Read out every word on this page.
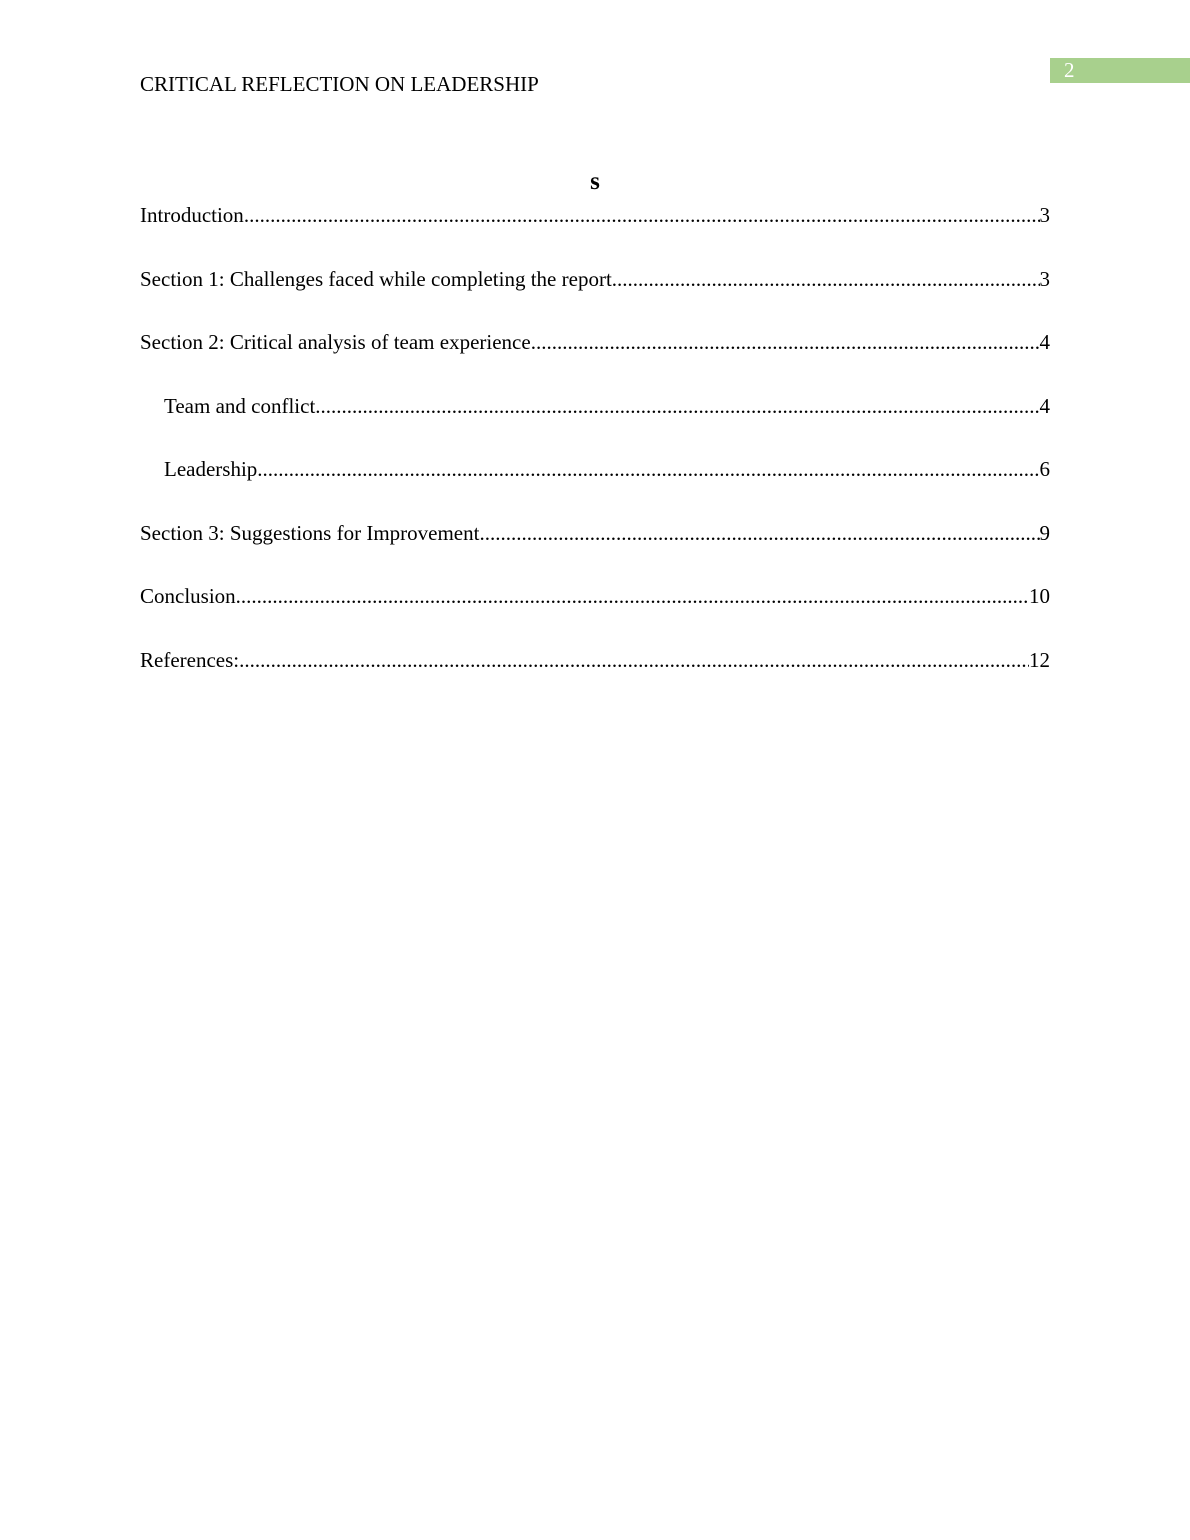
2
CRITICAL REFLECTION ON LEADERSHIP
s
Introduction .....	3
Section 1: Challenges faced while completing the report .....	3
Section 2: Critical analysis of team experience .....	4
Team and conflict .....	4
Leadership .....	6
Section 3: Suggestions for Improvement .....	9
Conclusion .....	10
References: .....	12
